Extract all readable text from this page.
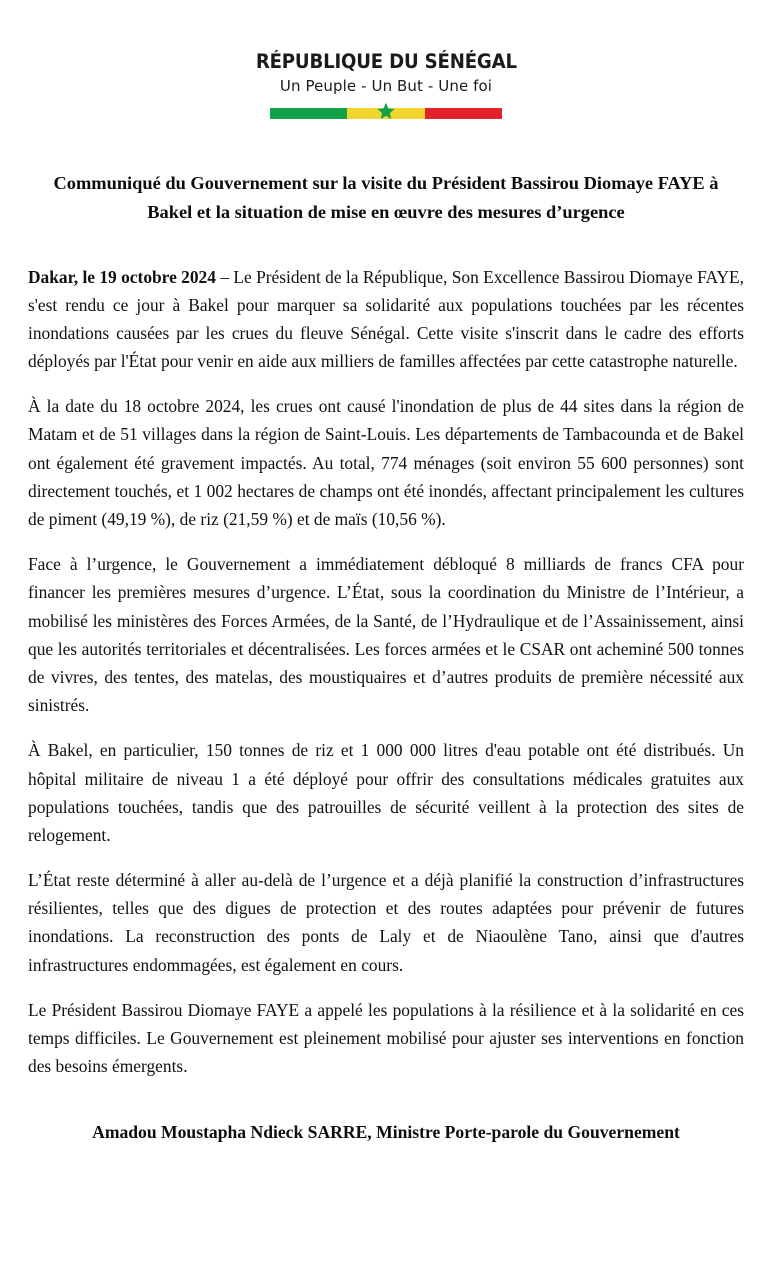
RÉPUBLIQUE DU SÉNÉGAL
Un Peuple - Un But - Une foi
Communiqué du Gouvernement sur la visite du Président Bassirou Diomaye FAYE à Bakel et la situation de mise en œuvre des mesures d’urgence

Dakar, le 19 octobre 2024 – Le Président de la République, Son Excellence Bassirou Diomaye FAYE, s'est rendu ce jour à Bakel pour marquer sa solidarité aux populations touchées par les récentes inondations causées par les crues du fleuve Sénégal. Cette visite s'inscrit dans le cadre des efforts déployés par l'État pour venir en aide aux milliers de familles affectées par cette catastrophe naturelle.

À la date du 18 octobre 2024, les crues ont causé l'inondation de plus de 44 sites dans la région de Matam et de 51 villages dans la région de Saint-Louis. Les départements de Tambacounda et de Bakel ont également été gravement impactés. Au total, 774 ménages (soit environ 55 600 personnes) sont directement touchés, et 1 002 hectares de champs ont été inondés, affectant principalement les cultures de piment (49,19 %), de riz (21,59 %) et de maïs (10,56 %).

Face à l’urgence, le Gouvernement a immédiatement débloqué 8 milliards de francs CFA pour financer les premières mesures d’urgence. L’État, sous la coordination du Ministre de l’Intérieur, a mobilisé les ministères des Forces Armées, de la Santé, de l’Hydraulique et de l’Assainissement, ainsi que les autorités territoriales et décentralisées. Les forces armées et le CSAR ont acheminé 500 tonnes de vivres, des tentes, des matelas, des moustiquaires et d’autres produits de première nécessité aux sinistrés.

À Bakel, en particulier, 150 tonnes de riz et 1 000 000 litres d'eau potable ont été distribués. Un hôpital militaire de niveau 1 a été déployé pour offrir des consultations médicales gratuites aux populations touchées, tandis que des patrouilles de sécurité veillent à la protection des sites de relogement.

L’État reste déterminé à aller au-delà de l’urgence et a déjà planifié la construction d’infrastructures résilientes, telles que des digues de protection et des routes adaptées pour prévenir de futures inondations. La reconstruction des ponts de Laly et de Niaoulène Tano, ainsi que d'autres infrastructures endommagées, est également en cours.

Le Président Bassirou Diomaye FAYE a appelé les populations à la résilience et à la solidarité en ces temps difficiles. Le Gouvernement est pleinement mobilisé pour ajuster ses interventions en fonction des besoins émergents.

Amadou Moustapha Ndieck SARRE, Ministre Porte-parole du Gouvernement
